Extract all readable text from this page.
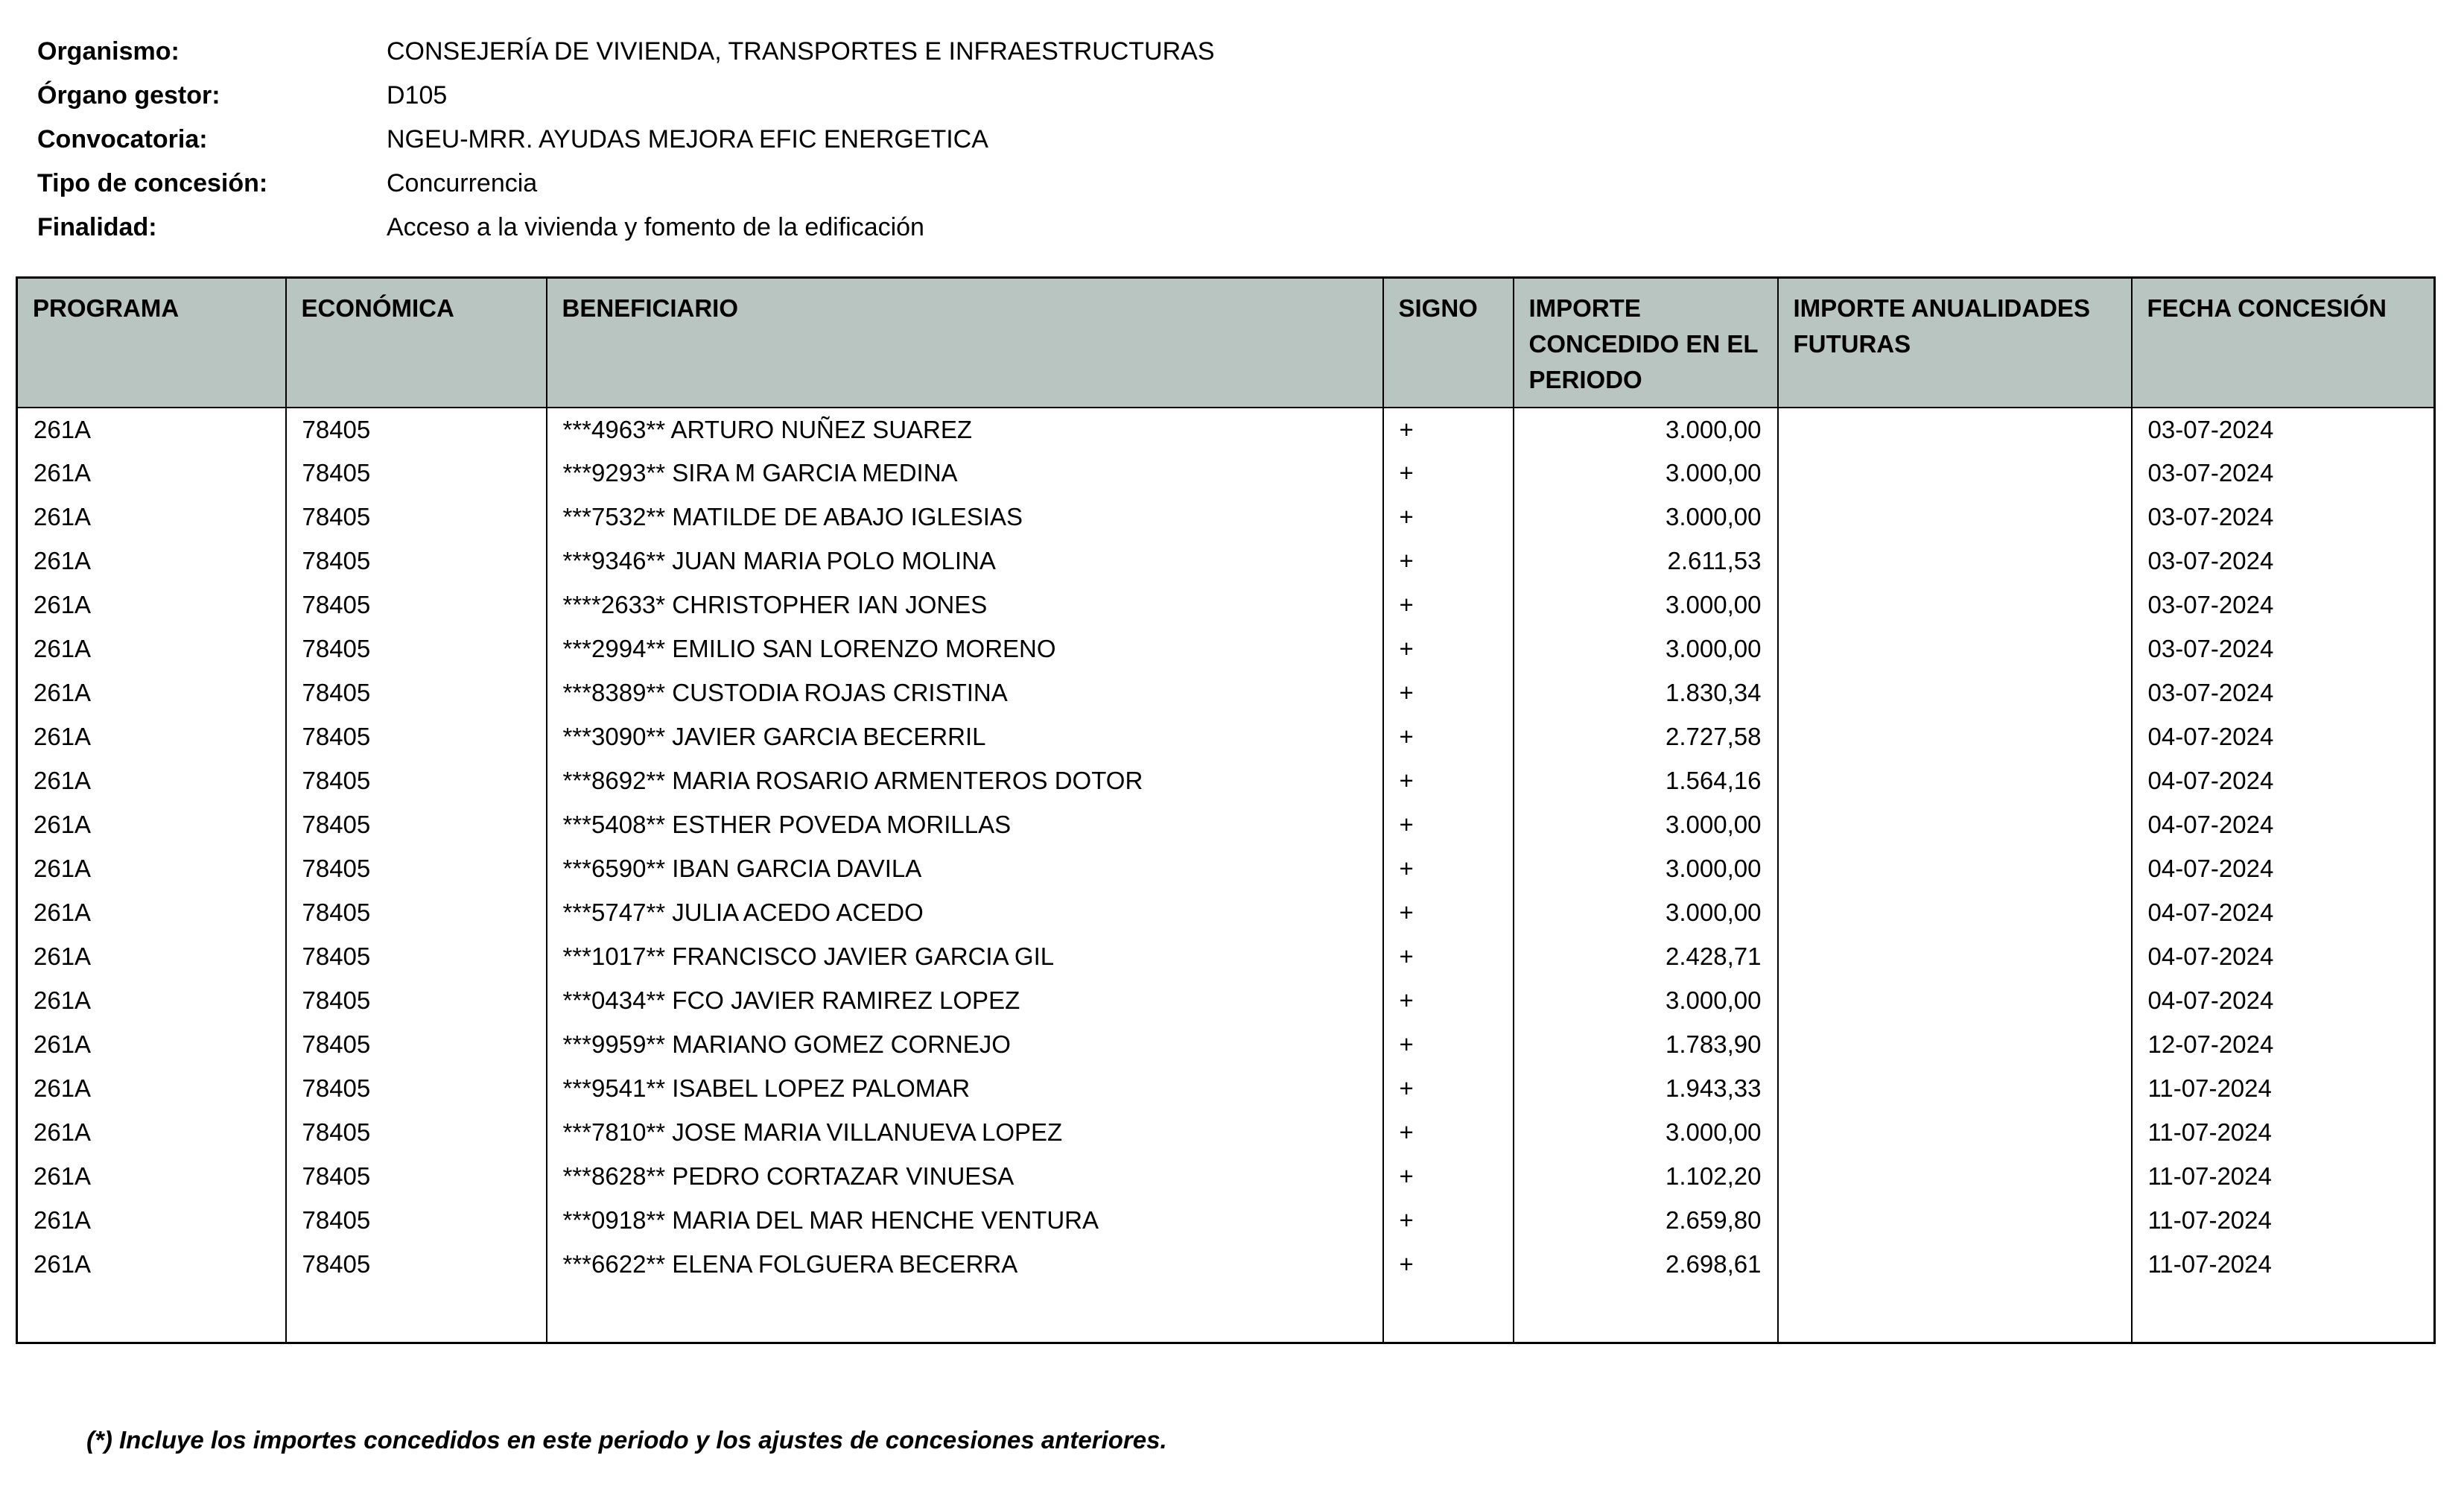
Organismo:	CONSEJERÍA DE VIVIENDA, TRANSPORTES E INFRAESTRUCTURAS
Órgano gestor:	D105
Convocatoria:	NGEU-MRR. AYUDAS MEJORA EFIC ENERGETICA
Tipo de concesión:	Concurrencia
Finalidad:	Acceso a la vivienda y fomento de la edificación
PROGRAMA	ECONÓMICA	BENEFICIARIO	SIGNO	IMPORTE CONCEDIDO EN EL PERIODO	IMPORTE ANUALIDADES FUTURAS	FECHA CONCESIÓN
261A	78405	***4963** ARTURO NUÑEZ SUAREZ	+	3.000,00		03-07-2024
261A	78405	***9293** SIRA M GARCIA MEDINA	+	3.000,00		03-07-2024
261A	78405	***7532** MATILDE DE ABAJO IGLESIAS	+	3.000,00		03-07-2024
261A	78405	***9346** JUAN MARIA POLO MOLINA	+	2.611,53		03-07-2024
261A	78405	****2633* CHRISTOPHER IAN JONES	+	3.000,00		03-07-2024
261A	78405	***2994** EMILIO SAN LORENZO MORENO	+	3.000,00		03-07-2024
261A	78405	***8389** CUSTODIA ROJAS CRISTINA	+	1.830,34		03-07-2024
261A	78405	***3090** JAVIER GARCIA BECERRIL	+	2.727,58		04-07-2024
261A	78405	***8692** MARIA ROSARIO ARMENTEROS DOTOR	+	1.564,16		04-07-2024
261A	78405	***5408** ESTHER POVEDA MORILLAS	+	3.000,00		04-07-2024
261A	78405	***6590** IBAN GARCIA DAVILA	+	3.000,00		04-07-2024
261A	78405	***5747** JULIA ACEDO ACEDO	+	3.000,00		04-07-2024
261A	78405	***1017** FRANCISCO JAVIER GARCIA GIL	+	2.428,71		04-07-2024
261A	78405	***0434** FCO JAVIER RAMIREZ LOPEZ	+	3.000,00		04-07-2024
261A	78405	***9959** MARIANO GOMEZ CORNEJO	+	1.783,90		12-07-2024
261A	78405	***9541** ISABEL LOPEZ PALOMAR	+	1.943,33		11-07-2024
261A	78405	***7810** JOSE MARIA VILLANUEVA LOPEZ	+	3.000,00		11-07-2024
261A	78405	***8628** PEDRO CORTAZAR VINUESA	+	1.102,20		11-07-2024
261A	78405	***0918** MARIA DEL MAR HENCHE VENTURA	+	2.659,80		11-07-2024
261A	78405	***6622** ELENA FOLGUERA BECERRA	+	2.698,61		11-07-2024

(*) Incluye los importes concedidos en este periodo y los ajustes de concesiones anteriores.
